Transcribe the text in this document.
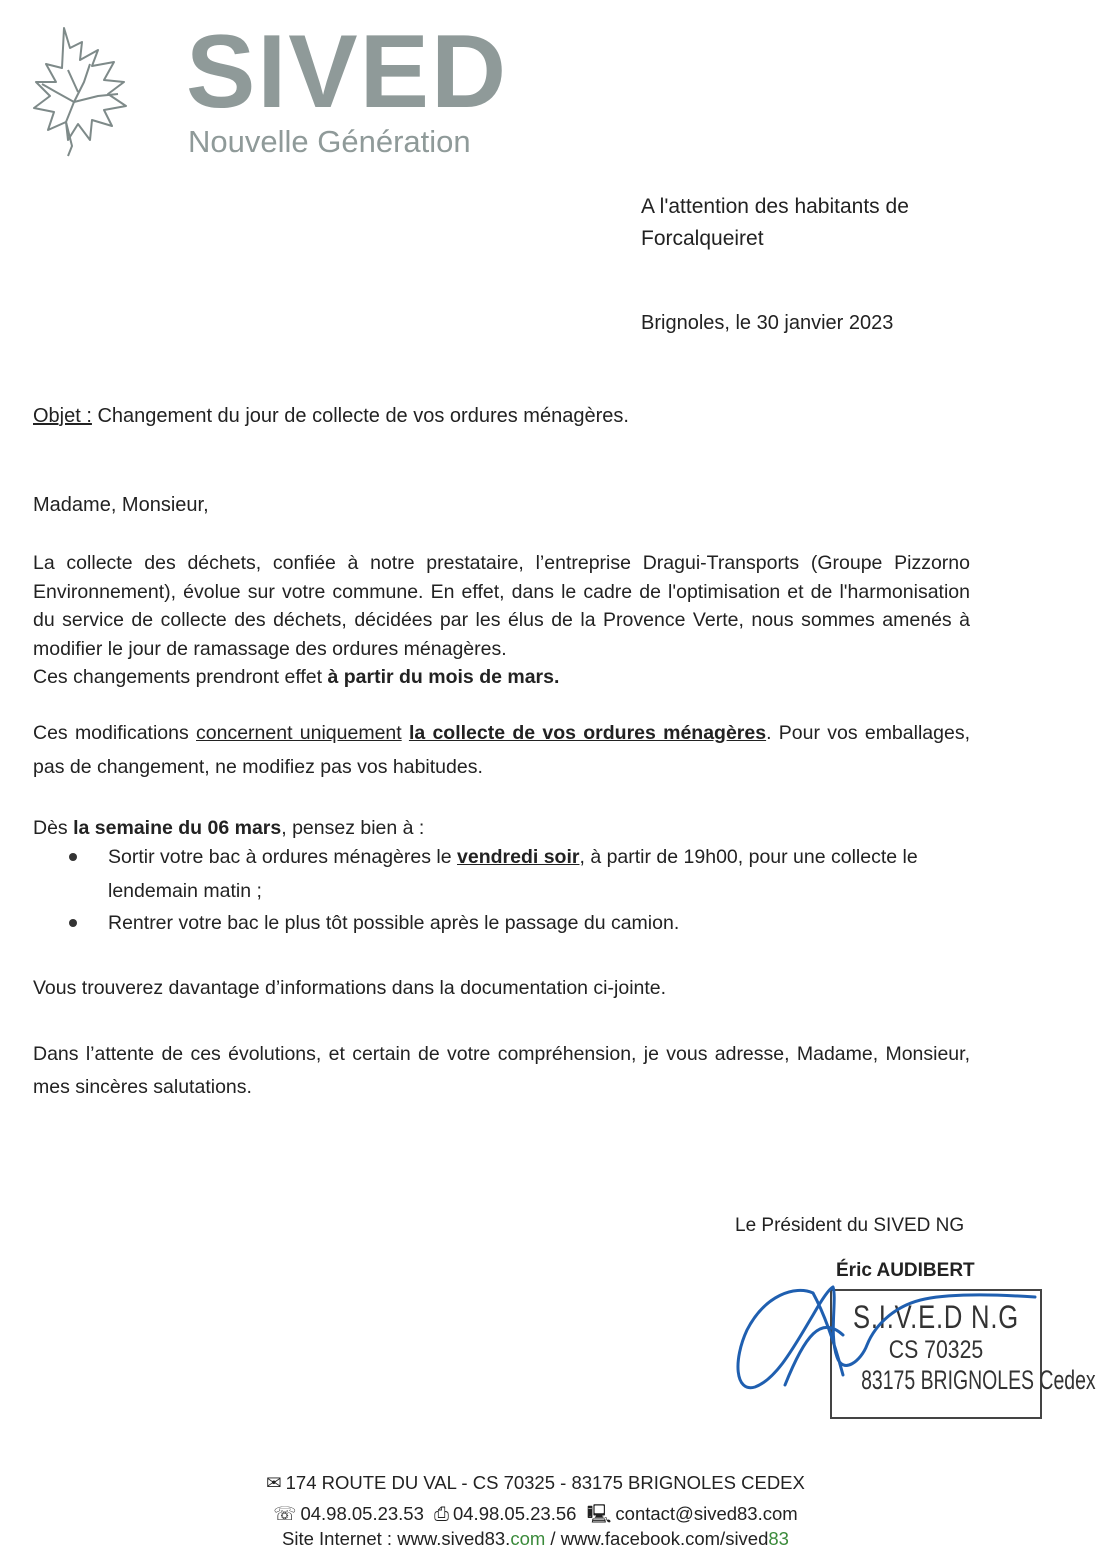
SIVED
Nouvelle Génération
A l'attention des habitants de
Forcalqueiret
Brignoles, le 30 janvier 2023
Objet : Changement du jour de collecte de vos ordures ménagères.
Madame, Monsieur,
La collecte des déchets, confiée à notre prestataire, l’entreprise Dragui-Transports (Groupe Pizzorno Environnement), évolue sur votre commune. En effet, dans le cadre de l'optimisation et de l'harmonisation du service de collecte des déchets, décidées par les élus de la Provence Verte, nous sommes amenés à modifier le jour de ramassage des ordures ménagères.
Ces changements prendront effet à partir du mois de mars.
Ces modifications concernent uniquement la collecte de vos ordures ménagères. Pour vos emballages, pas de changement, ne modifiez pas vos habitudes.
Dès la semaine du 06 mars, pensez bien à :
Sortir votre bac à ordures ménagères le vendredi soir, à partir de 19h00, pour une collecte le lendemain matin ;
Rentrer votre bac le plus tôt possible après le passage du camion.
Vous trouverez davantage d’informations dans la documentation ci-jointe.
Dans l’attente de ces évolutions, et certain de votre compréhension, je vous adresse, Madame, Monsieur, mes sincères salutations.
Le Président du SIVED NG
Éric AUDIBERT
S.I.V.E.D N.G
CS 70325
83175 BRIGNOLES Cedex
✉ 174 ROUTE DU VAL - CS 70325 - 83175 BRIGNOLES CEDEX
☏ 04.98.05.23.53 ⎙ 04.98.05.23.56 🖳 contact@sived83.com
Site Internet : www.sived83.com / www.facebook.com/sived83
